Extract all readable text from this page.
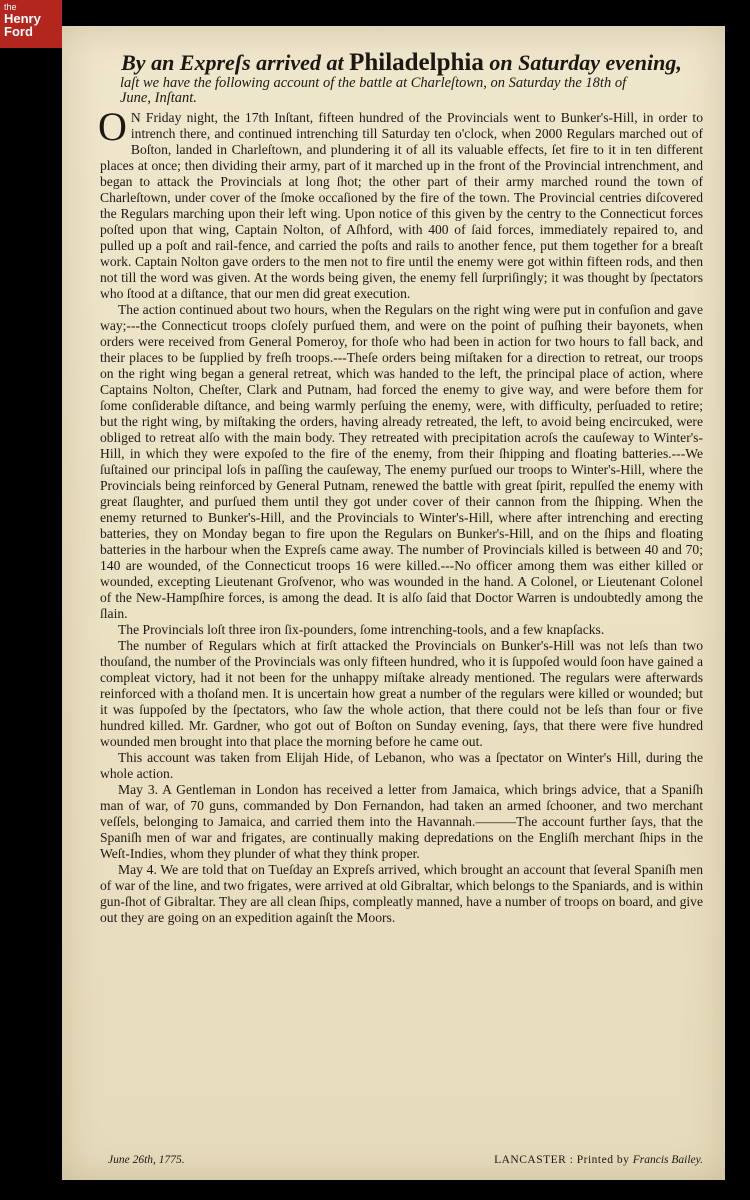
the
Henry
Ford
By an Expreſs arrived at Philadelphia on Saturday evening,
laſt we have the following account of the battle at Charleſtown, on Saturday the 18th of
June, Inſtant.

O N Friday night, the 17th Inſtant, fifteen hundred of the Provincials went to Bunker's-Hill, in order to intrench there, and continued intrenching till Saturday ten o'clock, when 2000 Regulars marched out of Boſton, landed in Charleſtown, and plundering it of all its valuable effects, ſet fire to it in ten different places at once; then dividing their army, part of it marched up in the front of the Provincial intrenchment, and began to attack the Provincials at long ſhot; the other part of their army marched round the town of Charleſtown, under cover of the ſmoke occaſioned by the fire of the town. The Provincial centries diſcovered the Regulars marching upon their left wing. Upon notice of this given by the centry to the Connecticut forces poſted upon that wing, Captain Nolton, of Aſhford, with 400 of ſaid forces, immediately repaired to, and pulled up a poſt and rail-fence, and carried the poſts and rails to another fence, put them together for a breaſt work. Captain Nolton gave orders to the men not to fire until the enemy were got within fifteen rods, and then not till the word was given. At the words being given, the enemy fell ſurpriſingly; it was thought by ſpectators who ſtood at a diſtance, that our men did great execution.

The action continued about two hours, when the Regulars on the right wing were put in confuſion and gave way;---the Connecticut troops cloſely purſued them, and were on the point of puſhing their bayonets, when orders were received from General Pomeroy, for thoſe who had been in action for two hours to fall back, and their places to be ſupplied by freſh troops.---Theſe orders being miſtaken for a direction to retreat, our troops on the right wing began a general retreat, which was handed to the left, the principal place of action, where Captains Nolton, Cheſter, Clark and Putnam, had forced the enemy to give way, and were before them for ſome conſiderable diſtance, and being warmly perſuing the enemy, were, with difficulty, perſuaded to retire; but the right wing, by miſtaking the orders, having already retreated, the left, to avoid being encircuked, were obliged to retreat alſo with the main body. They retreated with precipitation acroſs the cauſeway to Winter's-Hill, in which they were expoſed to the fire of the enemy, from their ſhipping and floating batteries.---We ſuſtained our principal loſs in paſſing the cauſeway, The enemy purſued our troops to Winter's-Hill, where the Provincials being reinforced by General Putnam, renewed the battle with great ſpirit, repulſed the enemy with great ſlaughter, and purſued them until they got under cover of their cannon from the ſhipping. When the enemy returned to Bunker's-Hill, and the Provincials to Winter's-Hill, where after intrenching and erecting batteries, they on Monday began to fire upon the Regulars on Bunker's-Hill, and on the ſhips and floating batteries in the harbour when the Expreſs came away. The number of Provincials killed is between 40 and 70; 140 are wounded, of the Connecticut troops 16 were killed.---No officer among them was either killed or wounded, excepting Lieutenant Groſvenor, who was wounded in the hand. A Colonel, or Lieutenant Colonel of the New-Hampſhire forces, is among the dead. It is alſo ſaid that Doctor Warren is undoubtedly among the ſlain.

The Provincials loſt three iron ſix-pounders, ſome intrenching-tools, and a few knapſacks.

The number of Regulars which at firſt attacked the Provincials on Bunker's-Hill was not leſs than two thouſand, the number of the Provincials was only fifteen hundred, who it is ſuppoſed would ſoon have gained a compleat victory, had it not been for the unhappy miſtake already mentioned. The regulars were afterwards reinforced with a thoſand men. It is uncertain how great a number of the regulars were killed or wounded; but it was ſuppoſed by the ſpectators, who ſaw the whole action, that there could not be leſs than four or five hundred killed. Mr. Gardner, who got out of Boſton on Sunday evening, ſays, that there were five hundred wounded men brought into that place the morning before he came out.

This account was taken from Elijah Hide, of Lebanon, who was a ſpectator on Winter's Hill, during the whole action.

May 3. A Gentleman in London has received a letter from Jamaica, which brings advice, that a Spaniſh man of war, of 70 guns, commanded by Don Fernandon, had taken an armed ſchooner, and two merchant veſſels, belonging to Jamaica, and carried them into the Havannah.———The account further ſays, that the Spaniſh men of war and frigates, are continually making depredations on the Engliſh merchant ſhips in the Weſt-Indies, whom they plunder of what they think proper.

May 4. We are told that on Tueſday an Expreſs arrived, which brought an account that ſeveral Spaniſh men of war of the line, and two frigates, were arrived at old Gibraltar, which belongs to the Spaniards, and is within gun-ſhot of Gibraltar. They are all clean ſhips, compleatly manned, have a number of troops on board, and give out they are going on an expedition againſt the Moors.

June 26th, 1775.	LANCASTER : Printed by Francis Bailey.
